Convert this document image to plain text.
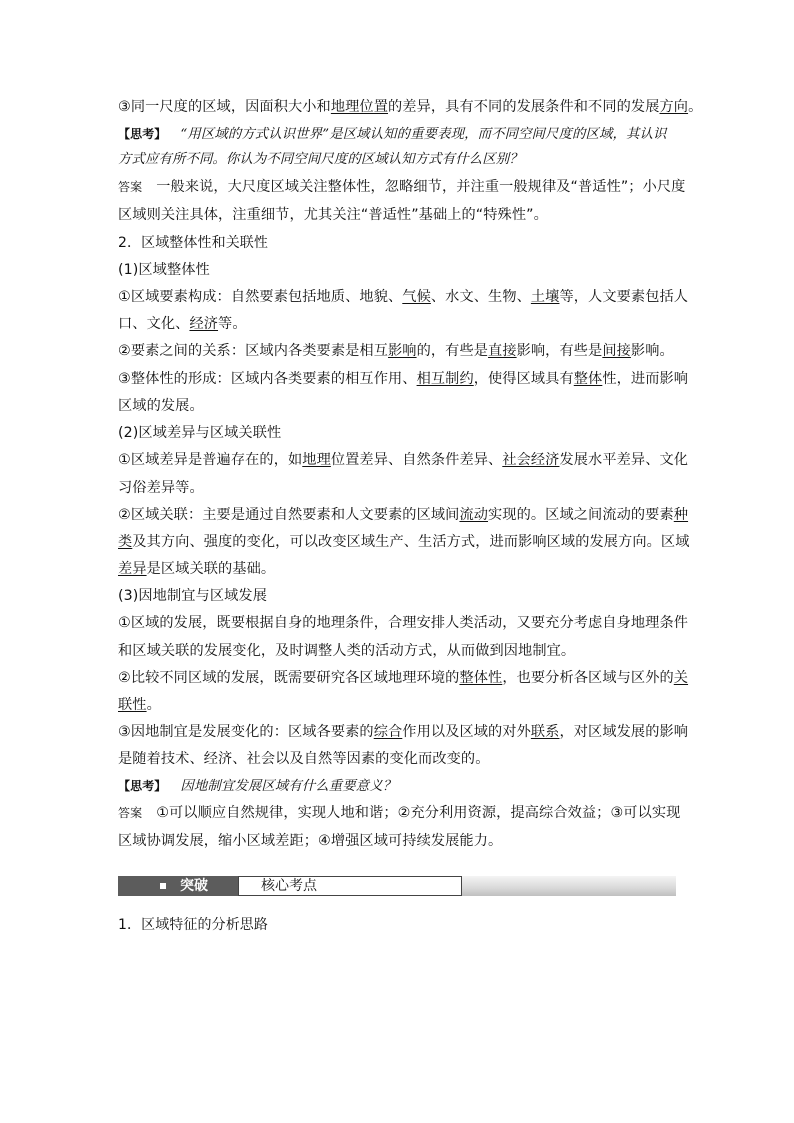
③同一尺度的区域，因面积大小和地理位置的差异，具有不同的发展条件和不同的发展方向。
【思考】 “用区域的方式认识世界”是区域认知的重要表现，而不同空间尺度的区域，其认识
方式应有所不同。你认为不同空间尺度的区域认知方式有什么区别？
答案 一般来说，大尺度区域关注整体性，忽略细节，并注重一般规律及“普适性”；小尺度
区域则关注具体，注重细节，尤其关注“普适性”基础上的“特殊性”。
2．区域整体性和关联性
(1)区域整体性
①区域要素构成：自然要素包括地质、地貌、气候、水文、生物、土壤等，人文要素包括人
口、文化、经济等。
②要素之间的关系：区域内各类要素是相互影响的，有些是直接影响，有些是间接影响。
③整体性的形成：区域内各类要素的相互作用、相互制约，使得区域具有整体性，进而影响
区域的发展。
(2)区域差异与区域关联性
①区域差异是普遍存在的，如地理位置差异、自然条件差异、社会经济发展水平差异、文化
习俗差异等。
②区域关联：主要是通过自然要素和人文要素的区域间流动实现的。区域之间流动的要素种
类及其方向、强度的变化，可以改变区域生产、生活方式，进而影响区域的发展方向。区域
差异是区域关联的基础。
(3)因地制宜与区域发展
①区域的发展，既要根据自身的地理条件，合理安排人类活动，又要充分考虑自身地理条件
和区域关联的发展变化，及时调整人类的活动方式，从而做到因地制宜。
②比较不同区域的发展，既需要研究各区域地理环境的整体性，也要分析各区域与区外的关
联性。
③因地制宜是发展变化的：区域各要素的综合作用以及区域的对外联系，对区域发展的影响
是随着技术、经济、社会以及自然等因素的变化而改变的。
【思考】 因地制宜发展区域有什么重要意义？
答案 ①可以顺应自然规律，实现人地和谐；②充分利用资源，提高综合效益；③可以实现
区域协调发展，缩小区域差距；④增强区域可持续发展能力。
突破	核心考点
1．区域特征的分析思路
